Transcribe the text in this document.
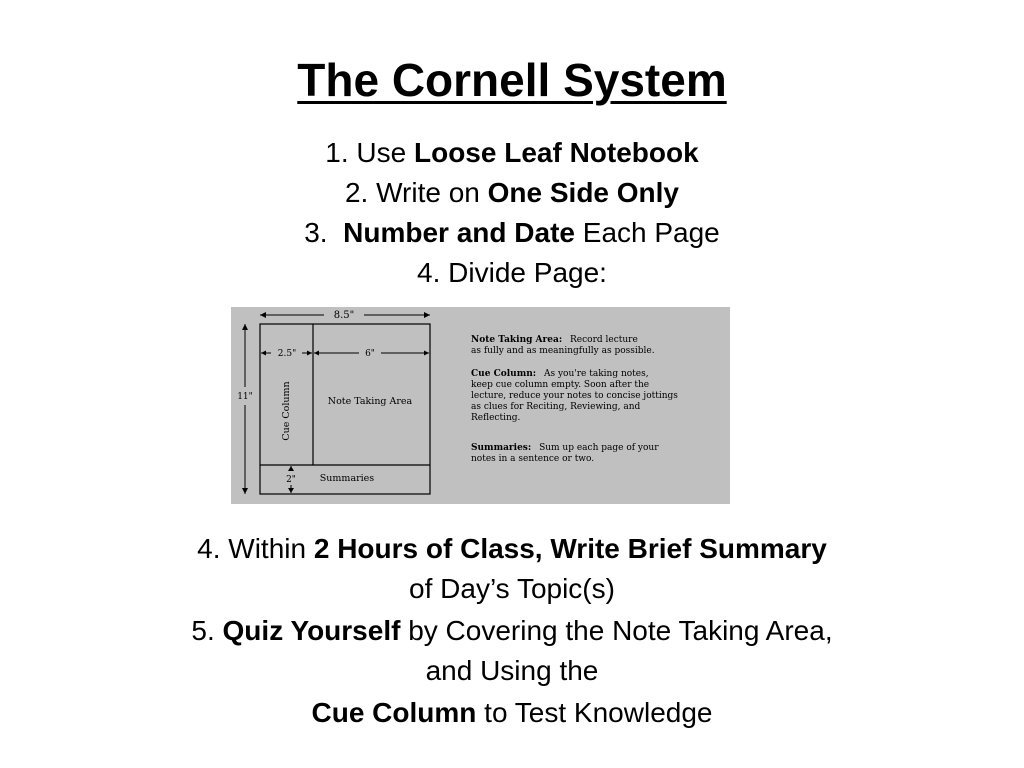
The Cornell System
1. Use Loose Leaf Notebook
2. Write on One Side Only
3.  Number and Date Each Page
4. Divide Page:
8.5"
2.5"	6"
11"
2"
Cue Column	Note Taking Area
Summaries
Note Taking Area: Record lecture as fully and as meaningfully as possible.
Cue Column: As you're taking notes, keep cue column empty. Soon after the lecture, reduce your notes to concise jottings as clues for Reciting, Reviewing, and Reflecting.
Summaries: Sum up each page of your notes in a sentence or two.
4. Within 2 Hours of Class, Write Brief Summary
of Day’s Topic(s)
5. Quiz Yourself by Covering the Note Taking Area,
and Using the
Cue Column to Test Knowledge
